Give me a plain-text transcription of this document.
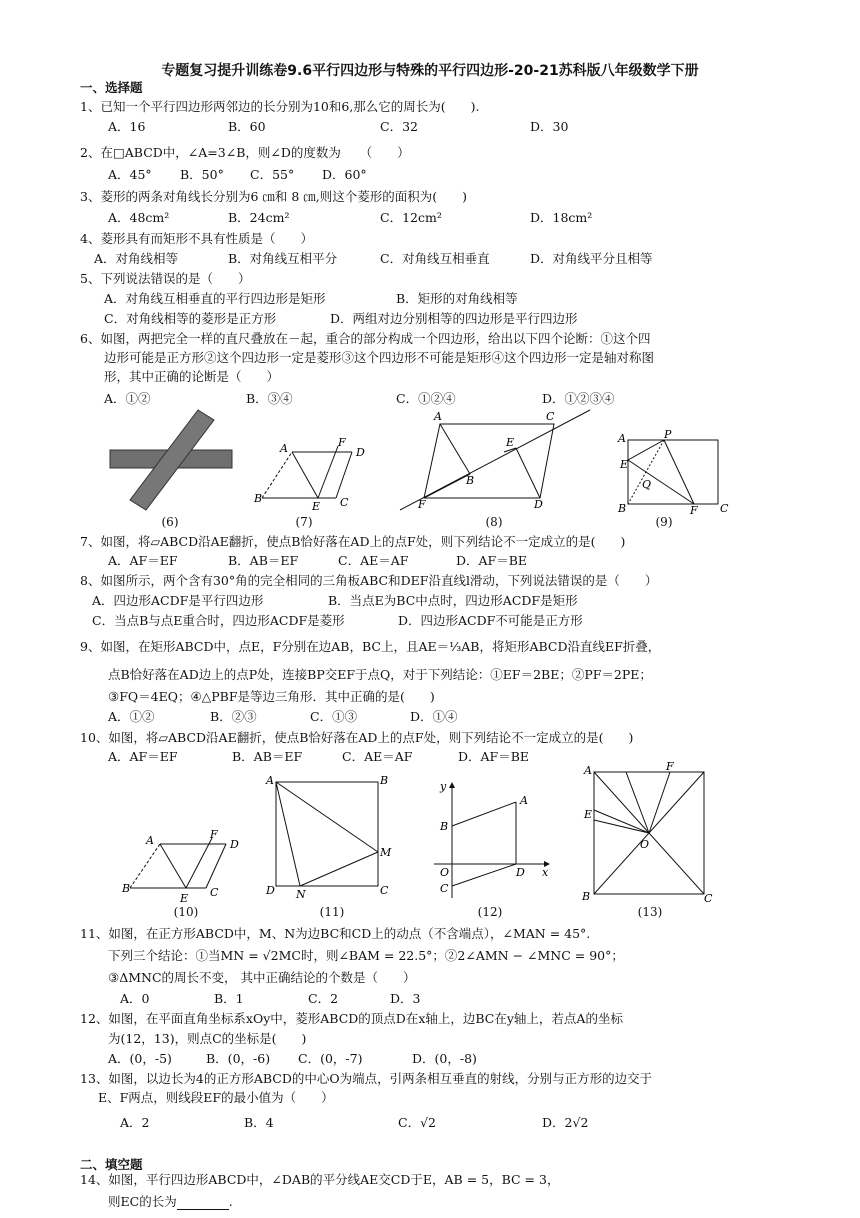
专题复习提升训练卷9.6平行四边形与特殊的平行四边形-20-21苏科版八年级数学下册
一、选择题
1、已知一个平行四边形两邻边的长分别为10和6,那么它的周长为(　　).
A．16	B．60	C．32	D．30
2、在□ABCD中，∠A=3∠B，则∠D的度数为　　（　　）
A．45° B．50° C．55° D．60°
3、菱形的两条对角线长分别为6 ㎝和 8 ㎝,则这个菱形的面积为(　　)
A．48cm²	B．24cm²	C．12cm²	D．18cm²
4、菱形具有而矩形不具有性质是（　　）
A．对角线相等	B．对角线互相平分	C．对角线互相垂直	D．对角线平分且相等
5、下列说法错误的是（　　）
A．对角线互相垂直的平行四边形是矩形	B．矩形的对角线相等
C．对角线相等的菱形是正方形	D．两组对边分别相等的四边形是平行四边形
6、如图，两把完全一样的直尺叠放在－起，重合的部分构成一个四边形，给出以下四个论断：①这个四
边形可能是正方形②这个四边形一定是菱形③这个四边形不可能是矩形④这个四边形一定是轴对称图
形，其中正确的论断是（　　）
A．①②	B．③④	C．①②④	D．①②③④
(6)
A	F
D
B
E C
(7)
A	C
E
B
F	D
(8)
A	P
E
Q
B	F C
(9)
7、如图，将▱ABCD沿AE翻折，使点B恰好落在AD上的点F处，则下列结论不一定成立的是(　　)
A．AF＝EF	B．AB＝EF	C．AE＝AF	D．AF＝BE
8、如图所示，两个含有30°角的完全相同的三角板ABC和DEF沿直线l滑动，下列说法错误的是（　　）
A．四边形ACDF是平行四边形	B．当点E为BC中点时，四边形ACDF是矩形
C．当点B与点E重合时，四边形ACDF是菱形	D．四边形ACDF不可能是正方形
9、如图，在矩形ABCD中，点E，F分别在边AB，BC上，且AE＝⅓AB，将矩形ABCD沿直线EF折叠，
点B恰好落在AD边上的点P处，连接BP交EF于点Q，对于下列结论：①EF＝2BE；②PF＝2PE；
③FQ＝4EQ；④△PBF是等边三角形．其中正确的是(　　)
A．①②	B．②③	C．①③	D．①④
10、如图，将▱ABCD沿AE翻折，使点B恰好落在AD上的点F处，则下列结论不一定成立的是(　　)
A．AF＝EF	B．AB＝EF	C．AE＝AF	D．AF＝BE
A	F
D
B
E C
(10)
A	B
M
D N	C
(11)
y
x
B
A
O	D
C
(12)
A	F
E
O
B	C
(13)
11、如图，在正方形ABCD中，M、N为边BC和CD上的动点（不含端点），∠MAN = 45°.
下列三个结论：①当MN = √2MC时，则∠BAM = 22.5°；②2∠AMN − ∠MNC = 90°；
③ΔMNC的周长不变， 其中正确结论的个数是（　　）
A．0	B．1	C．2	D．3
12、如图，在平面直角坐标系xOy中，菱形ABCD的顶点D在x轴上，边BC在y轴上，若点A的坐标
为(12，13)，则点C的坐标是(　　)
A．(0，-5)	B．(0，-6) C．(0，-7)	D．(0，-8)
13、如图，以边长为4的正方形ABCD的中心O为端点，引两条相互垂直的射线，分别与正方形的边交于
E、F两点，则线段EF的最小值为（　　）
A．2	B．4	C．√2	D．2√2
二、填空题
14、如图，平行四边形ABCD中，∠DAB的平分线AE交CD于E，AB = 5，BC = 3，
则EC的长为	.
